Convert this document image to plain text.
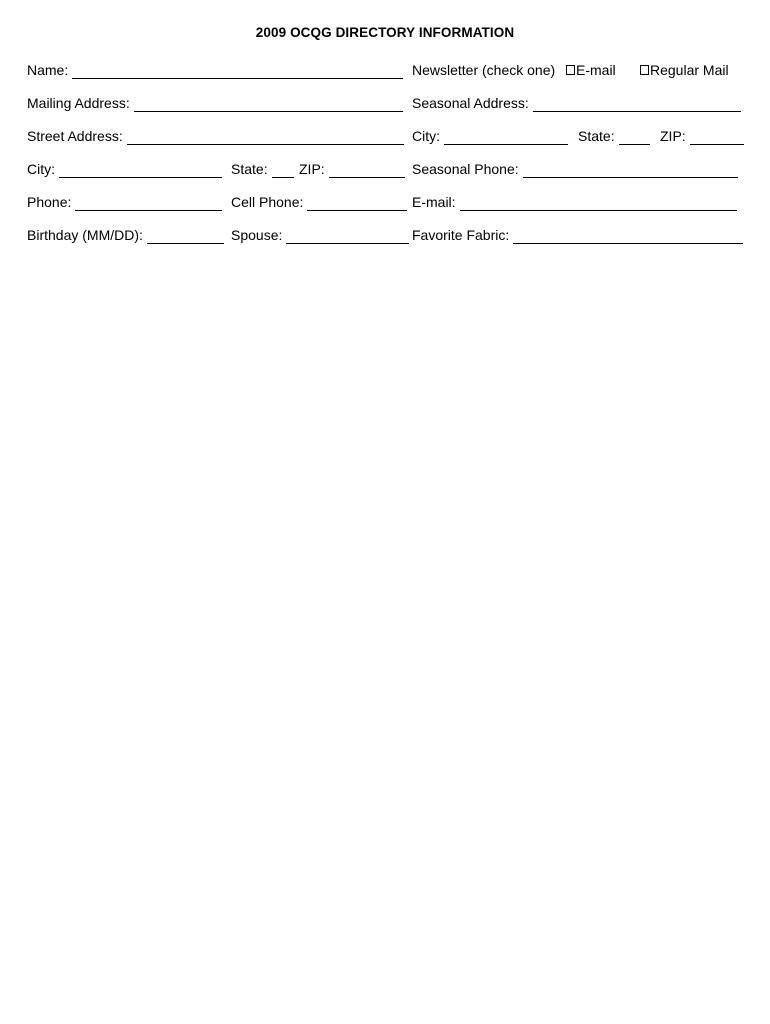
2009 OCQG DIRECTORY INFORMATION
Name:	Newsletter (check one) E-mail Regular Mail
Mailing Address:	Seasonal Address:
Street Address:	City:	State:	ZIP:
City:	State: ZIP:	Seasonal Phone:
Phone:	Cell Phone:	E-mail:
Birthday (MM/DD):	Spouse:	Favorite Fabric:
